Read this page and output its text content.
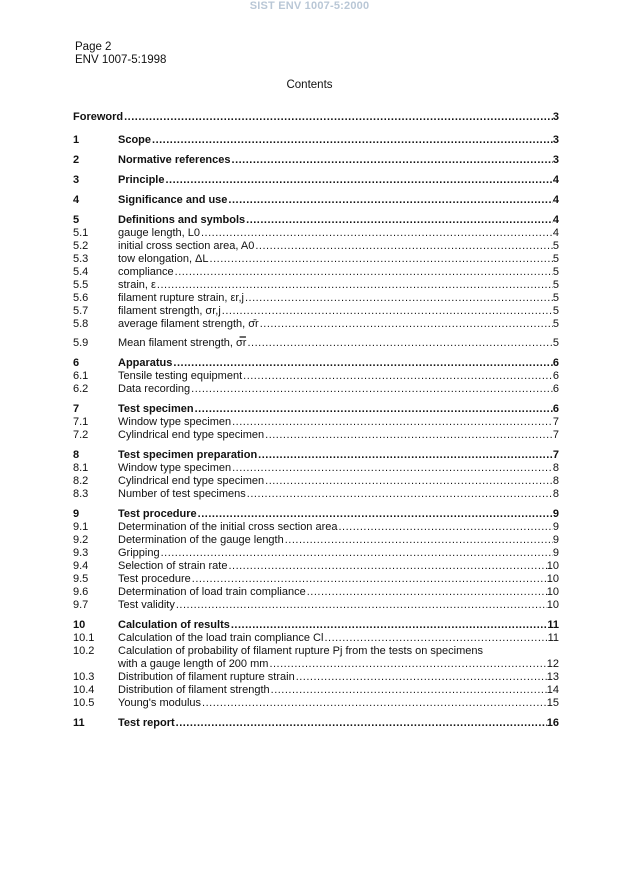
SIST ENV 1007-5:2000
Page 2
ENV 1007-5:1998
Contents
Foreword .....	3
1	Scope .....	3
2	Normative references .....	3
3	Principle .....	4
4	Significance and use .....	4
5	Definitions and symbols .....	4
5.1	gauge length, L0 .....	4
5.2	initial cross section area, A0 .....	5
5.3	tow elongation, ΔL .....	5
5.4	compliance .....	5
5.5	strain, ε .....	5
5.6	filament rupture strain, εr,j .....	5
5.7	filament strength, σr,j .....	5
5.8	average filament strength, σ̄r .....	5
5.9	Mean filament strength, σ̿r .....	5
6	Apparatus .....	6
6.1	Tensile testing equipment .....	6
6.2	Data recording .....	6
7	Test specimen .....	6
7.1	Window type specimen .....	7
7.2	Cylindrical end type specimen .....	7
8	Test specimen preparation .....	7
8.1	Window type specimen .....	8
8.2	Cylindrical end type specimen .....	8
8.3	Number of test specimens .....	8
9	Test procedure .....	9
9.1	Determination of the initial cross section area .....	9
9.2	Determination of the gauge length .....	9
9.3	Gripping .....	9
9.4	Selection of strain rate .....	10
9.5	Test procedure .....	10
9.6	Determination of load train compliance .....	10
9.7	Test validity .....	10
10	Calculation of results .....	11
10.1	Calculation of the load train compliance Cl .....	11
10.2	Calculation of probability of filament rupture Pj from the tests on specimens
with a gauge length of 200 mm .....	12
10.3	Distribution of filament rupture strain .....	13
10.4	Distribution of filament strength .....	14
10.5	Young's modulus .....	15
11	Test report .....	16
